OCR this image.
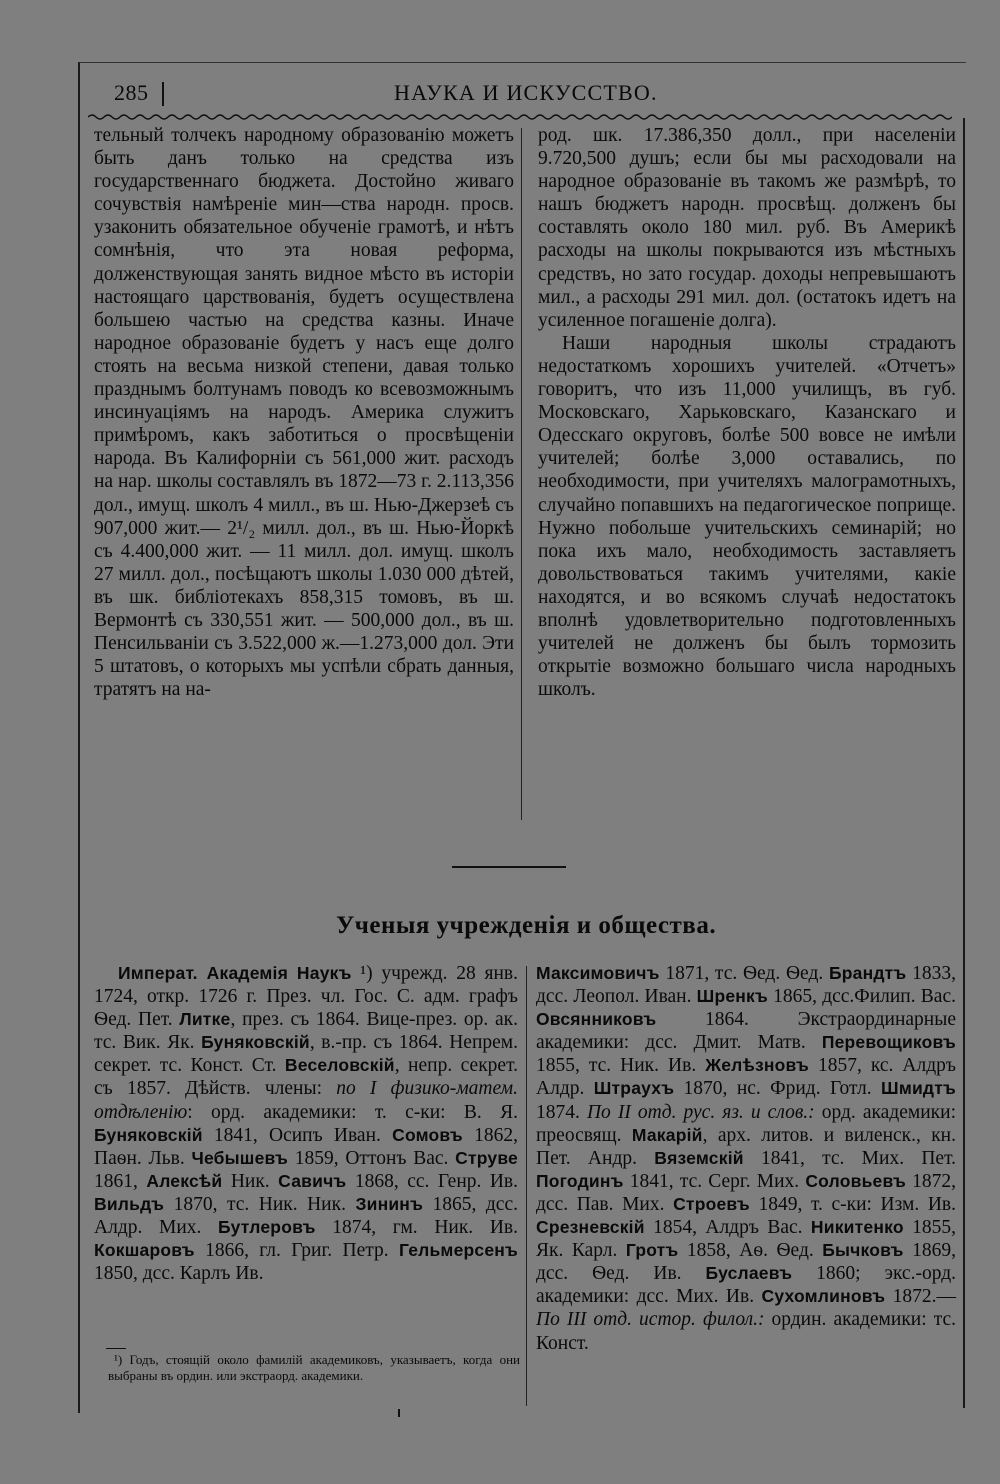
285	НАУКА И ИСКУССТВО.

тельный толчекъ народному образованію можетъ быть данъ только на средства изъ государственнаго бюджета. Достойно живаго сочувствія намѣреніе мин—ства народн. просв. узаконить обязательное обученіе грамотѣ, и нѣтъ сомнѣнія, что эта новая реформа, долженствующая занять видное мѣсто въ исторіи настоящаго царствованія, будетъ осуществлена большею частью на средства казны. Иначе народное образованіе будетъ у насъ еще долго стоять на весьма низкой степени, давая только празднымъ болтунамъ поводъ ко всевозможнымъ инсинуаціямъ на народъ. Америка служитъ примѣромъ, какъ заботиться о просвѣщеніи народа. Въ Калифорніи съ 561,000 жит. расходъ на нар. школы составлялъ въ 1872—73 г. 2.113,356 дол., имущ. школъ 4 милл., въ ш. Нью-Джерзеѣ съ 907,000 жит.— 2¹/₂ милл. дол., въ ш. Нью-Йоркѣ съ 4.400,000 жит. — 11 милл. дол. имущ. школъ 27 милл. дол., посѣщаютъ школы 1.030 000 дѣтей, въ шк. библіотекахъ 858,315 томовъ, въ ш. Вермонтѣ съ 330,551 жит. — 500,000 дол., въ ш. Пенсильваніи съ 3.522,000 ж.—1.273,000 дол. Эти 5 штатовъ, о которыхъ мы успѣли сбрать данныя, тратятъ на на-

род. шк. 17.386,350 долл., при населеніи 9.720,500 душъ; если бы мы расходовали на народное образованіе въ такомъ же размѣрѣ, то нашъ бюджетъ народн. просвѣщ. долженъ бы составлять около 180 мил. руб. Въ Америкѣ расходы на школы покрываются изъ мѣстныхъ средствъ, но зато государ. доходы непревышаютъ мил., а расходы 291 мил. дол. (остатокъ идетъ на усиленное погашеніе долга).

Наши народныя школы страдаютъ недостаткомъ хорошихъ учителей. «Отчетъ» говоритъ, что изъ 11,000 училищъ, въ губ. Московскаго, Харьковскаго, Казанскаго и Одесскаго округовъ, болѣе 500 вовсе не имѣли учителей; болѣе 3,000 оставались, по необходимости, при учителяхъ малограмотныхъ, случайно попавшихъ на педагогическое поприще. Нужно побольше учительскихъ семинарій; но пока ихъ мало, необходимость заставляетъ довольствоваться такимъ учителями, какіе находятся, и во всякомъ случаѣ недостатокъ вполнѣ удовлетворительно подготовленныхъ учителей не долженъ бы былъ тормозить открытіе возможно большаго числа народныхъ школъ.

Ученыя учрежденія и общества.

Императ. Академія Наукъ ¹) учрежд. 28 янв. 1724, откр. 1726 г. През. чл. Гос. С. адм. графъ Ѳед. Пет. Литке, през. съ 1864. Вице-през. ор. ак. тс. Вик. Як. Буняковскій, в.-пр. съ 1864. Непрем. секрет. тс. Конст. Ст. Веселовскій, непр. секрет. съ 1857. Дѣйств. члены: по I физико-матем. отдѣленію: орд. академики: т. с-ки: В. Я. Буняковскій 1841, Осипъ Иван. Сомовъ 1862, Паѳн. Льв. Чебышевъ 1859, Оттонъ Вас. Струве 1861, Алексѣй Ник. Савичъ 1868, сс. Генр. Ив. Вильдъ 1870, тс. Ник. Ник. Зининъ 1865, дсс. Алдр. Мих. Бутлеровъ 1874, гм. Ник. Ив. Кокшаровъ 1866, гл. Григ. Петр. Гельмерсенъ 1850, дсс. Карлъ Ив.

Максимовичъ 1871, тс. Ѳед. Ѳед. Брандтъ 1833, дсс. Леопол. Иван. Шренкъ 1865, дсс.Филип. Вас. Овсянниковъ 1864. Экстраординарные академики: дсс. Дмит. Матв. Перевощиковъ 1855, тс. Ник. Ив. Желѣзновъ 1857, кс. Алдръ Алдр. Штраухъ 1870, нс. Фрид. Готл. Шмидтъ 1874. По II отд. рус. яз. и слов.: орд. академики: преосвящ. Макарій, арх. литов. и виленск., кн. Пет. Андр. Вяземскій 1841, тс. Мих. Пет. Погодинъ 1841, тс. Серг. Мих. Соловьевъ 1872, дсс. Пав. Мих. Строевъ 1849, т. с-ки: Изм. Ив. Срезневскій 1854, Алдръ Вас. Никитенко 1855, Як. Карл. Гротъ 1858, Аѳ. Ѳед. Бычковъ 1869, дсс. Ѳед. Ив. Буслаевъ 1860; экс.-орд. академики: дсс. Мих. Ив. Сухомлиновъ 1872.—По III отд. истор. филол.: ордин. академики: тс. Конст.

¹) Годъ, стоящій около фамилій академиковъ, указываетъ, когда они выбраны въ ордин. или экстраорд. академики.
